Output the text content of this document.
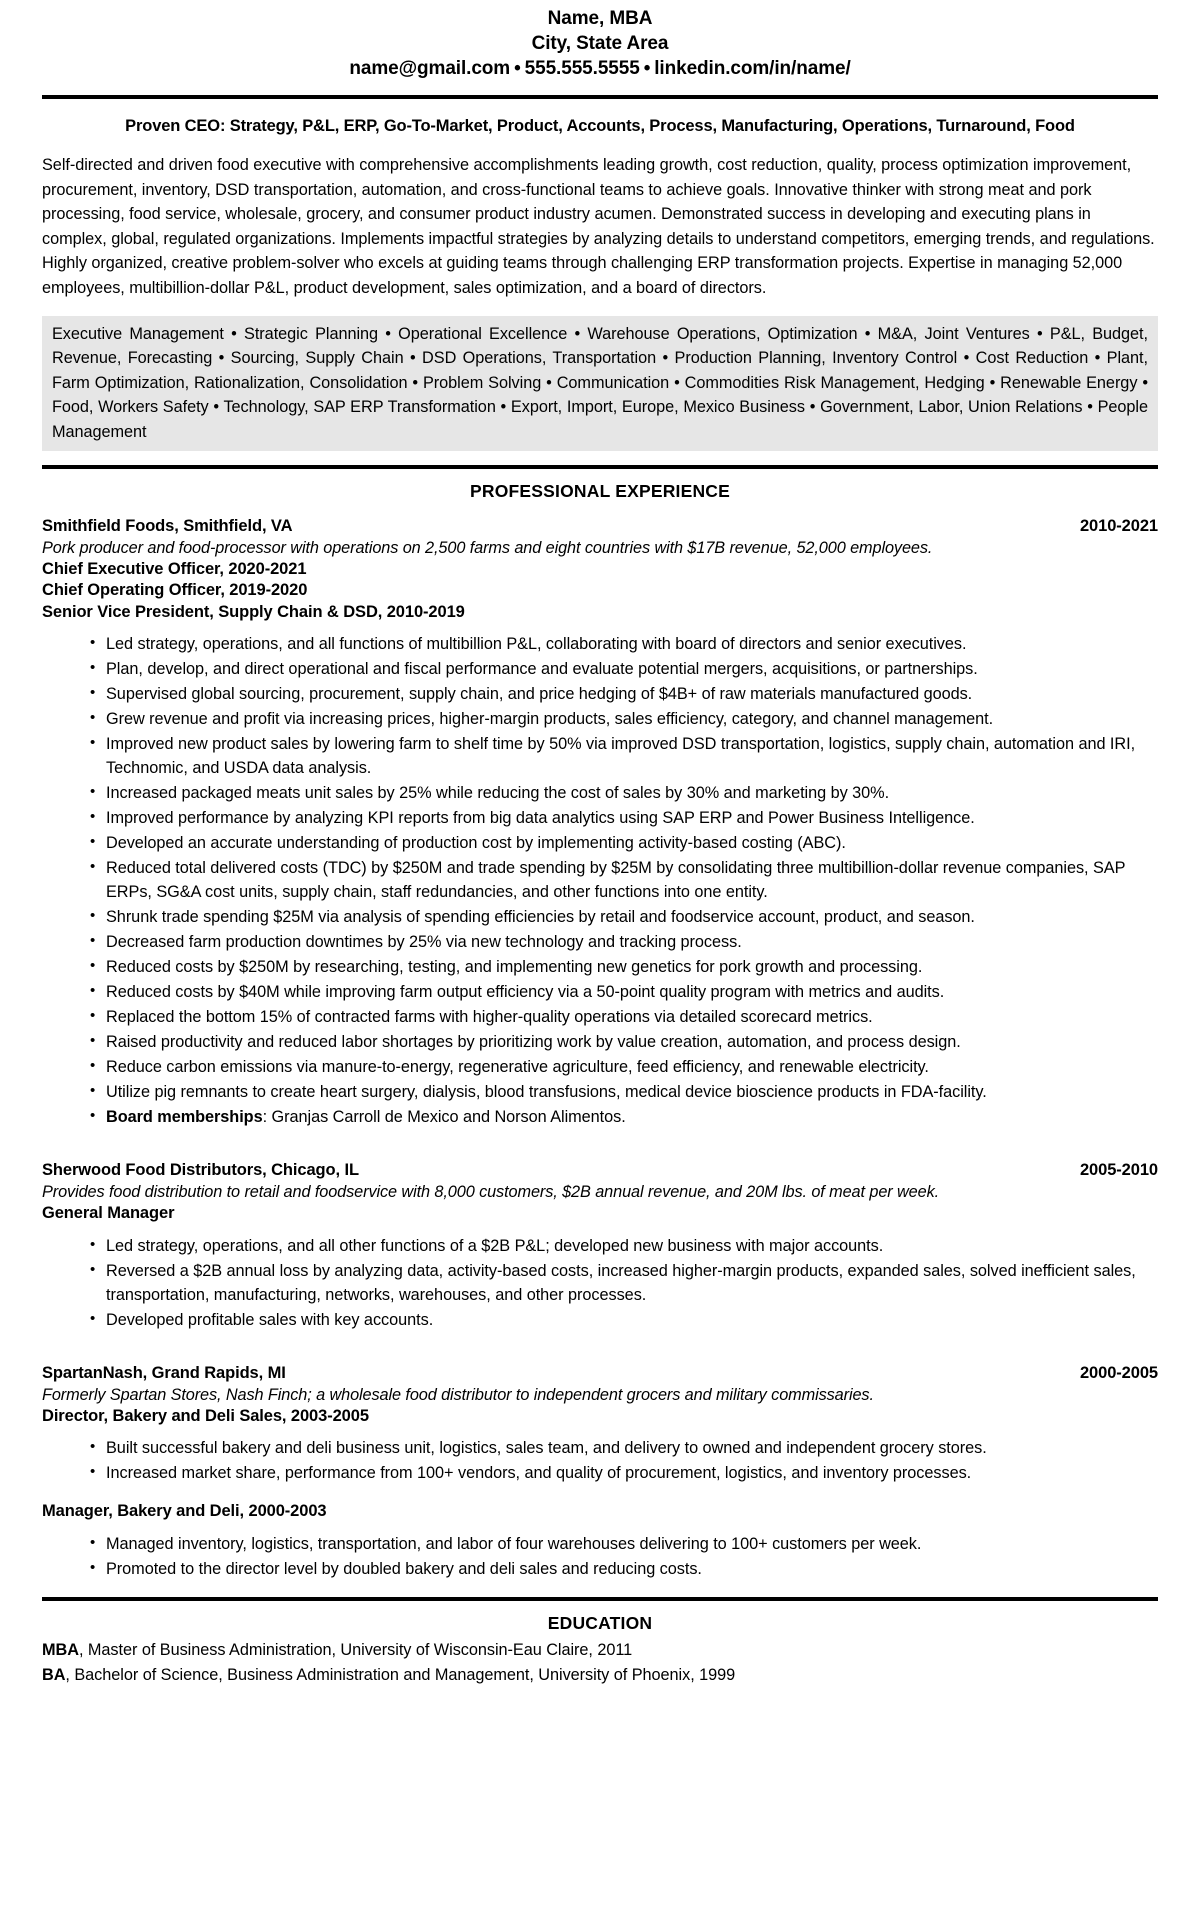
Name, MBA
City, State Area
name@gmail.com • 555.555.5555 • linkedin.com/in/name/
Proven CEO: Strategy, P&L, ERP, Go-To-Market, Product, Accounts, Process, Manufacturing, Operations, Turnaround, Food
Self-directed and driven food executive with comprehensive accomplishments leading growth, cost reduction, quality, process optimization improvement, procurement, inventory, DSD transportation, automation, and cross-functional teams to achieve goals. Innovative thinker with strong meat and pork processing, food service, wholesale, grocery, and consumer product industry acumen. Demonstrated success in developing and executing plans in complex, global, regulated organizations. Implements impactful strategies by analyzing details to understand competitors, emerging trends, and regulations. Highly organized, creative problem-solver who excels at guiding teams through challenging ERP transformation projects. Expertise in managing 52,000 employees, multibillion-dollar P&L, product development, sales optimization, and a board of directors.
Executive Management • Strategic Planning • Operational Excellence • Warehouse Operations, Optimization • M&A, Joint Ventures • P&L, Budget, Revenue, Forecasting • Sourcing, Supply Chain • DSD Operations, Transportation • Production Planning, Inventory Control • Cost Reduction • Plant, Farm Optimization, Rationalization, Consolidation • Problem Solving • Communication • Commodities Risk Management, Hedging • Renewable Energy • Food, Workers Safety • Technology, SAP ERP Transformation • Export, Import, Europe, Mexico Business • Government, Labor, Union Relations • People Management
PROFESSIONAL EXPERIENCE
Smithfield Foods, Smithfield, VA	2010-2021
Pork producer and food-processor with operations on 2,500 farms and eight countries with $17B revenue, 52,000 employees.
Chief Executive Officer, 2020-2021
Chief Operating Officer, 2019-2020
Senior Vice President, Supply Chain & DSD, 2010-2019
• Led strategy, operations, and all functions of multibillion P&L, collaborating with board of directors and senior executives.
• Plan, develop, and direct operational and fiscal performance and evaluate potential mergers, acquisitions, or partnerships.
• Supervised global sourcing, procurement, supply chain, and price hedging of $4B+ of raw materials manufactured goods.
• Grew revenue and profit via increasing prices, higher-margin products, sales efficiency, category, and channel management.
• Improved new product sales by lowering farm to shelf time by 50% via improved DSD transportation, logistics, supply chain, automation and IRI, Technomic, and USDA data analysis.
• Increased packaged meats unit sales by 25% while reducing the cost of sales by 30% and marketing by 30%.
• Improved performance by analyzing KPI reports from big data analytics using SAP ERP and Power Business Intelligence.
• Developed an accurate understanding of production cost by implementing activity-based costing (ABC).
• Reduced total delivered costs (TDC) by $250M and trade spending by $25M by consolidating three multibillion-dollar revenue companies, SAP ERPs, SG&A cost units, supply chain, staff redundancies, and other functions into one entity.
• Shrunk trade spending $25M via analysis of spending efficiencies by retail and foodservice account, product, and season.
• Decreased farm production downtimes by 25% via new technology and tracking process.
• Reduced costs by $250M by researching, testing, and implementing new genetics for pork growth and processing.
• Reduced costs by $40M while improving farm output efficiency via a 50-point quality program with metrics and audits.
• Replaced the bottom 15% of contracted farms with higher-quality operations via detailed scorecard metrics.
• Raised productivity and reduced labor shortages by prioritizing work by value creation, automation, and process design.
• Reduce carbon emissions via manure-to-energy, regenerative agriculture, feed efficiency, and renewable electricity.
• Utilize pig remnants to create heart surgery, dialysis, blood transfusions, medical device bioscience products in FDA-facility.
• Board memberships: Granjas Carroll de Mexico and Norson Alimentos.
Sherwood Food Distributors, Chicago, IL	2005-2010
Provides food distribution to retail and foodservice with 8,000 customers, $2B annual revenue, and 20M lbs. of meat per week.
General Manager
• Led strategy, operations, and all other functions of a $2B P&L; developed new business with major accounts.
• Reversed a $2B annual loss by analyzing data, activity-based costs, increased higher-margin products, expanded sales, solved inefficient sales, transportation, manufacturing, networks, warehouses, and other processes.
• Developed profitable sales with key accounts.
SpartanNash, Grand Rapids, MI	2000-2005
Formerly Spartan Stores, Nash Finch; a wholesale food distributor to independent grocers and military commissaries.
Director, Bakery and Deli Sales, 2003-2005
• Built successful bakery and deli business unit, logistics, sales team, and delivery to owned and independent grocery stores.
• Increased market share, performance from 100+ vendors, and quality of procurement, logistics, and inventory processes.
Manager, Bakery and Deli, 2000-2003
• Managed inventory, logistics, transportation, and labor of four warehouses delivering to 100+ customers per week.
• Promoted to the director level by doubled bakery and deli sales and reducing costs.
EDUCATION
MBA, Master of Business Administration, University of Wisconsin-Eau Claire, 2011
BA, Bachelor of Science, Business Administration and Management, University of Phoenix, 1999
